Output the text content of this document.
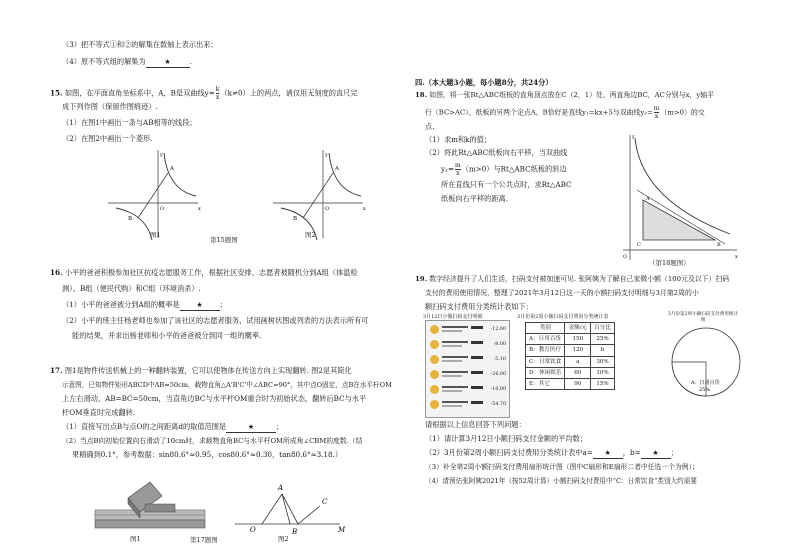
（3）把不等式①和②的解集在数轴上表示出来；
（4）原不等式组的解集为	★	.
15. 如图，在平面直角坐标系中，A，B是双曲线$y= \frac{k}{x} (k\ne 0)$上的两点，请仅用无刻度的直尺完
成下列作图（保留作图痕迹）.
（1）在图1中画出一条与AB相等的线段；
（2）在图2中画出一个菱形.
y
x
A
B
O
y
x
A
B
O
图1
第15题图
图2
16. 小平的爸爸积极参加社区抗疫志愿服务工作，根据社区安排，志愿者被随机分到A组（体温检
测）、B组（便民代购）和C组（环境消杀）.
（1）小平的爸爸被分到A组的概率是 ★ ；
（2）小平的班主任杨老师也参加了该社区的志愿者服务，试用画树状图或列表的方法表示所有可
能的结果，并求出杨老师和小平的爸爸被分到同一组的概率.
17. 图1是物件传送机械上的一种翻转装置，它可以使物体在传送方向上实现翻转. 图2是其简化
示意图，已知物件矩形ABCD中AB=50cm，载物直角△A'B'C'中∠ABC=90°，其中点O固定，点B在水平杆OM
上左右滑动，AB=BC=50cm，当直角边BC与水平杆OM重合时为初始状态，翻转后BC与水平
杆OM垂直时完成翻转.
（1）直接写出点B与点O的之间距离d的取值范围是	★	；
（2）当点B向初始位置向右滑动了10cm时，求载物直角BC与水平杆OM所成角∠CBM的度数.（结
果精确到0.1°，参考数据：sin80.6°≈0.95，cos80.6°≈0.30，tan80.6°≈3.18.）
A
O	B
C
M
图1	第17题图	图2
四.（本大题3小题，每小题8分，共24分）
18. 如图，将一张Rt△ABC纸板的直角顶点放在C（2，1）处，两直角边BC，AC分别与x，y轴平
行（BC>AC），纸板的另两个定点A，B恰好是直线y₁=kx+5与双曲线$y_2= \frac{m}{x} (m>0)$的交
点.
（1）求m和k的值；
（2）将此Rt△ABC纸板向右平移，当双曲线
$y_2= \frac{m}{x} (m>0)$与Rt△ABC纸板的斜边
所在直线只有一个公共点时，求Rt△ABC
纸板向右平移的距离.	A
C	B
O	x
y
（第18题图）
19. 数字经济提升了人们生活，扫码支付被加速可见. 张阿姨为了解自己家微小额（100元及以下）扫码
支付的费用使用情况，整理了2021年3月12日这一天的小额扫码支付明细与3月第2周的小
额扫码支付费用分类统计表如下：
3月12日小额扫码支付明细
-12.00
-8.00
-5.10
-26.00
-10.00
-54.70
3月份第2周小额扫码支付费用分类统计表
类别	金额/元	百分比
A：日用百货	150	25%
B：教育医疗	120	b
C：日常饮食	a	30%
D：休闲娱乐	60	10%
E：其它	90	15%
3月份第2周小额扫码支付费用统计图
A：日用百货
25%
请根据以上信息回答下列问题：
（1）请计算3月12日小额扫码支付金额的平均数；
（2）3月份第2周小额扫码支付费用分类统计表中a= ★ ，b= ★ ；
（3）补全第2周小额扫码支付费用扇形统计图（图中C扇形和E扇形二者中任选一个为例）；
（4）请预估张阿姨2021年（按52周计算）小额扫码支付费用中“C：日常饮食”类别大约需要
